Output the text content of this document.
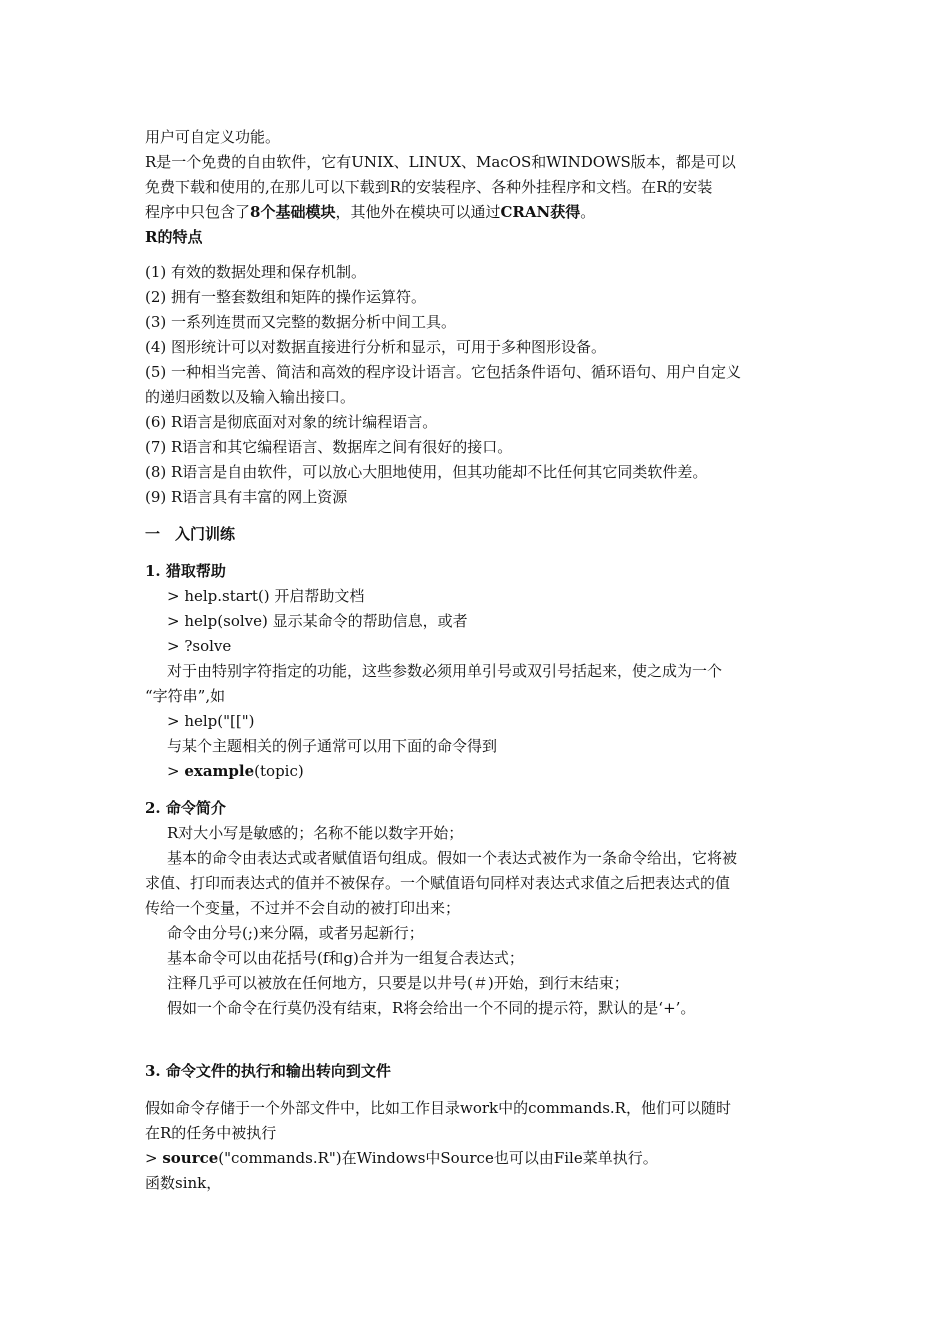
用户可自定义功能。
R是一个免费的自由软件，它有UNIX、LINUX、MacOS和WINDOWS版本，都是可以
免费下载和使用的,在那儿可以下载到R的安装程序、各种外挂程序和文档。在R的安装
程序中只包含了8个基础模块，其他外在模块可以通过CRAN获得。
R的特点
(1) 有效的数据处理和保存机制。
(2) 拥有一整套数组和矩阵的操作运算符。
(3) 一系列连贯而又完整的数据分析中间工具。
(4) 图形统计可以对数据直接进行分析和显示，可用于多种图形设备。
(5) 一种相当完善、简洁和高效的程序设计语言。它包括条件语句、循环语句、用户自定义
的递归函数以及输入输出接口。
(6) R语言是彻底面对对象的统计编程语言。
(7) R语言和其它编程语言、数据库之间有很好的接口。
(8) R语言是自由软件，可以放心大胆地使用，但其功能却不比任何其它同类软件差。
(9) R语言具有丰富的网上资源
一　入门训练
1. 猎取帮助
> help.start() 开启帮助文档
> help(solve) 显示某命令的帮助信息，或者
> ?solve
对于由特别字符指定的功能，这些参数必须用单引号或双引号括起来，使之成为一个
“字符串”,如
> help("[[")
与某个主题相关的例子通常可以用下面的命令得到
> example(topic)
2. 命令简介
R对大小写是敏感的；名称不能以数字开始；
基本的命令由表达式或者赋值语句组成。假如一个表达式被作为一条命令给出，它将被
求值、打印而表达式的值并不被保存。一个赋值语句同样对表达式求值之后把表达式的值
传给一个变量，不过并不会自动的被打印出来；
命令由分号(;)来分隔，或者另起新行；
基本命令可以由花括号(f和g)合并为一组复合表达式；
注释几乎可以被放在任何地方，只要是以井号(＃)开始，到行末结束；
假如一个命令在行莫仍没有结束，R将会给出一个不同的提示符，默认的是‘+’。
3. 命令文件的执行和输出转向到文件
假如命令存储于一个外部文件中，比如工作目录work中的commands.R，他们可以随时
在R的任务中被执行
> source("commands.R")在Windows中Source也可以由File菜单执行。
函数sink，
